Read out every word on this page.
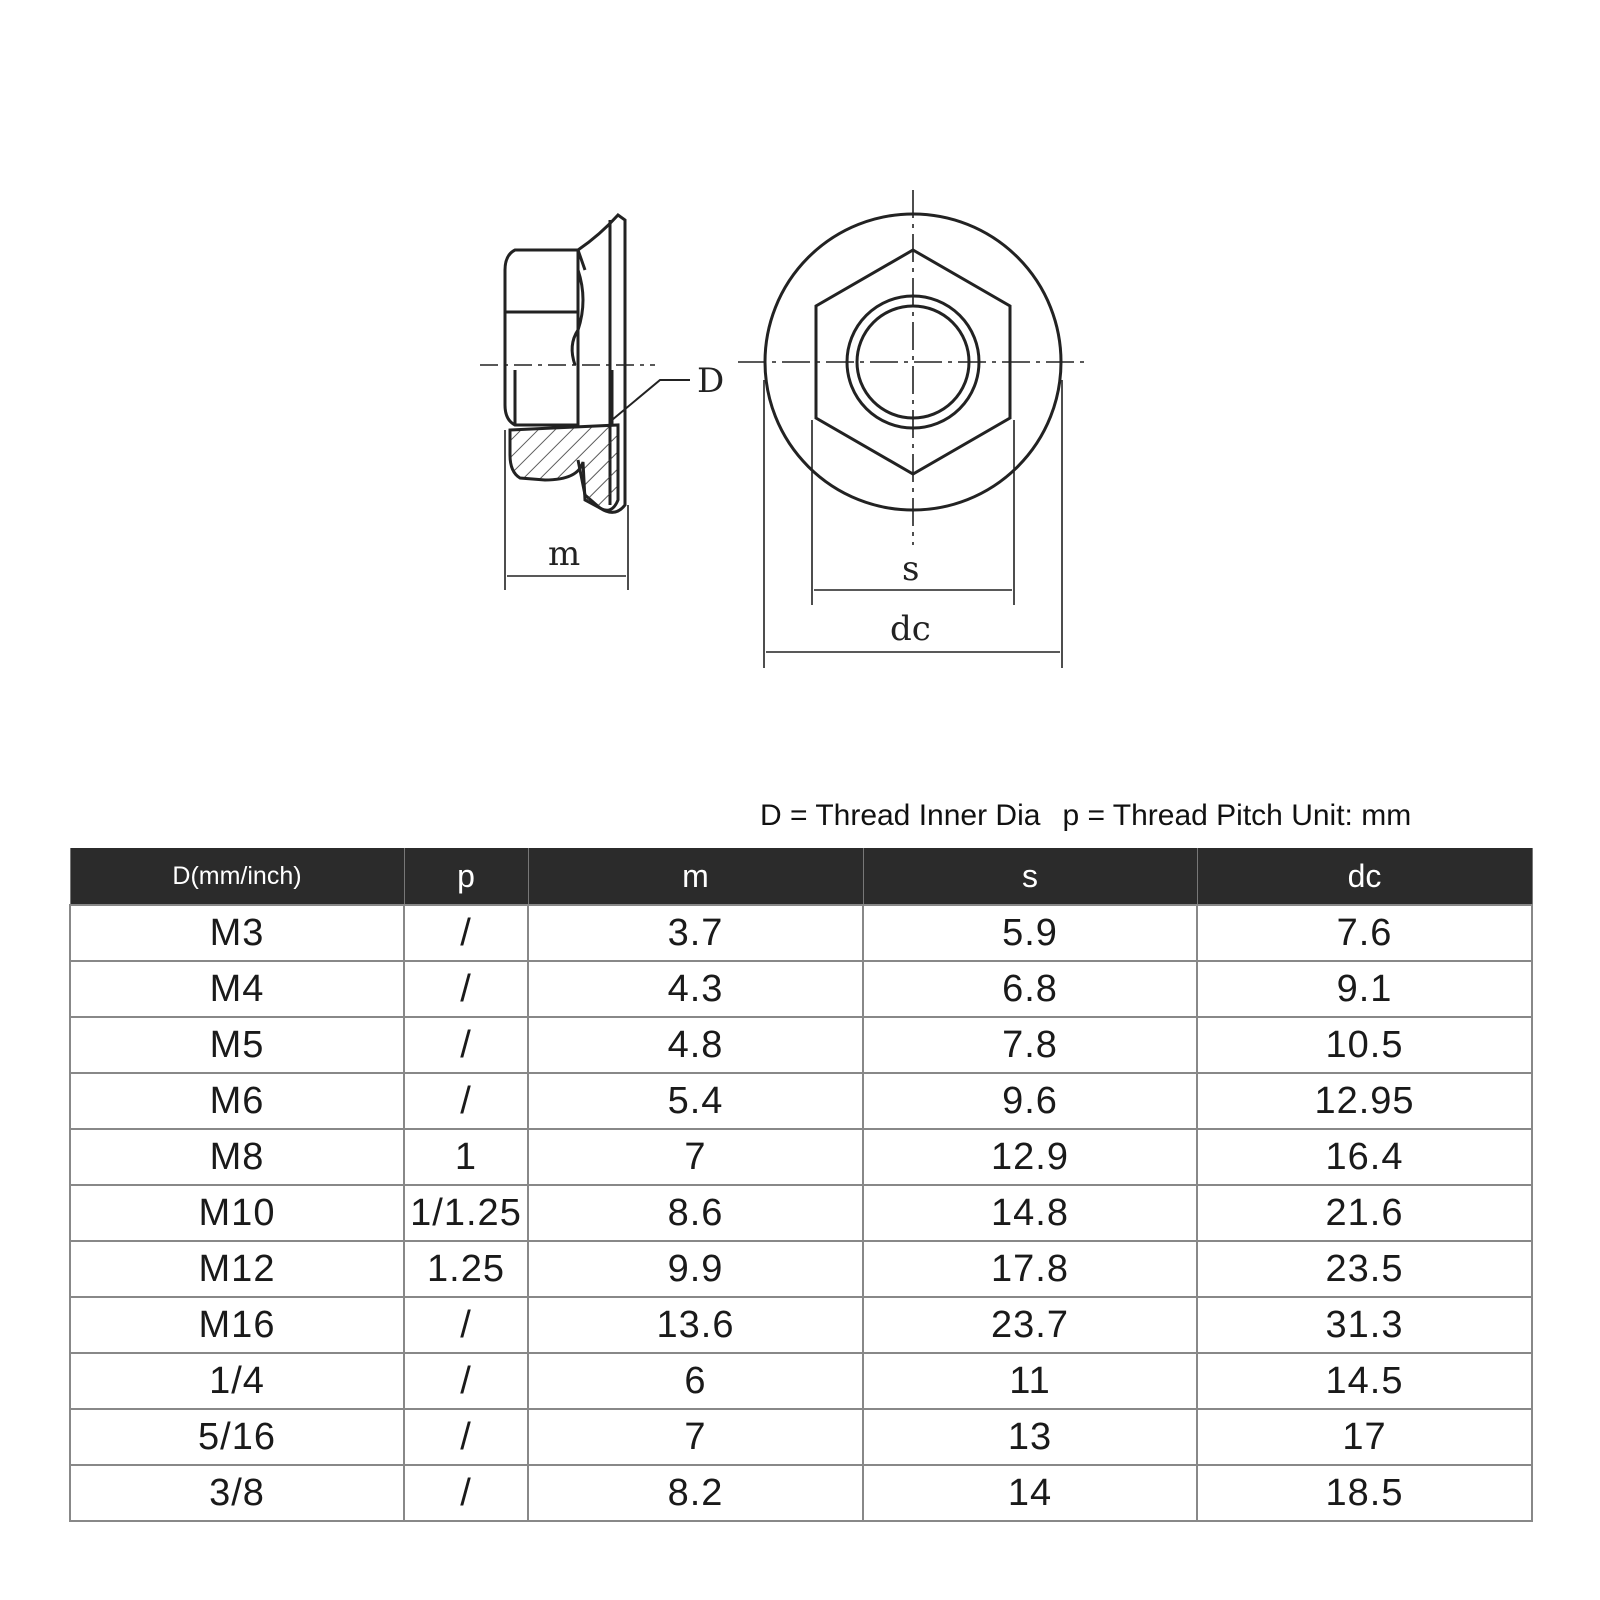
D
m	s
dc
D = Thread Inner Dia p = Thread Pitch Unit: mm
D(mm/inch)	p	m	s	dc
M3	/	3.7	5.9	7.6
M4	/	4.3	6.8	9.1
M5	/	4.8	7.8	10.5
M6	/	5.4	9.6	12.95
M8	1	7	12.9	16.4
M10	1/1.25	8.6	14.8	21.6
M12	1.25	9.9	17.8	23.5
M16	/	13.6	23.7	31.3
1/4	/	6	11	14.5
5/16	/	7	13	17
3/8	/	8.2	14	18.5
